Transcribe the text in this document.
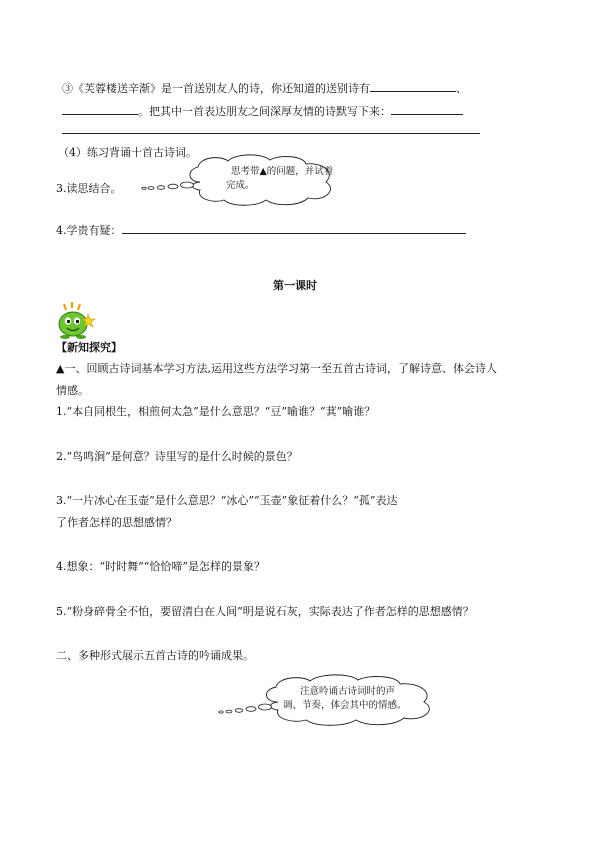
③《芙蓉楼送辛渐》是一首送别友人的诗，你还知道的送别诗有	、
。把其中一首表达朋友之间深厚友情的诗默写下来：
（4）练习背诵十首古诗词。
思考带▲的问题，并试着
完成。
3.读思结合。
4.学贵有疑：
第一课时
【新知探究】
▲一、回顾古诗词基本学习方法,运用这些方法学习第一至五首古诗词，了解诗意、体会诗人
情感。
1.“本自同根生，相煎何太急”是什么意思？“豆”喻谁？“萁”喻谁？
2.“鸟鸣涧”是何意？诗里写的是什么时候的景色？
3.“一片冰心在玉壶”是什么意思？“冰心”“玉壶”象征着什么？“孤”表达
了作者怎样的思想感情？
4.想象：“时时舞”“恰恰啼”是怎样的景象？
5.“粉身碎骨全不怕，要留清白在人间”明是说石灰，实际表达了作者怎样的思想感情？
二、多种形式展示五首古诗的吟诵成果。
注意吟诵古诗词时的声
调、节奏，体会其中的情感。
